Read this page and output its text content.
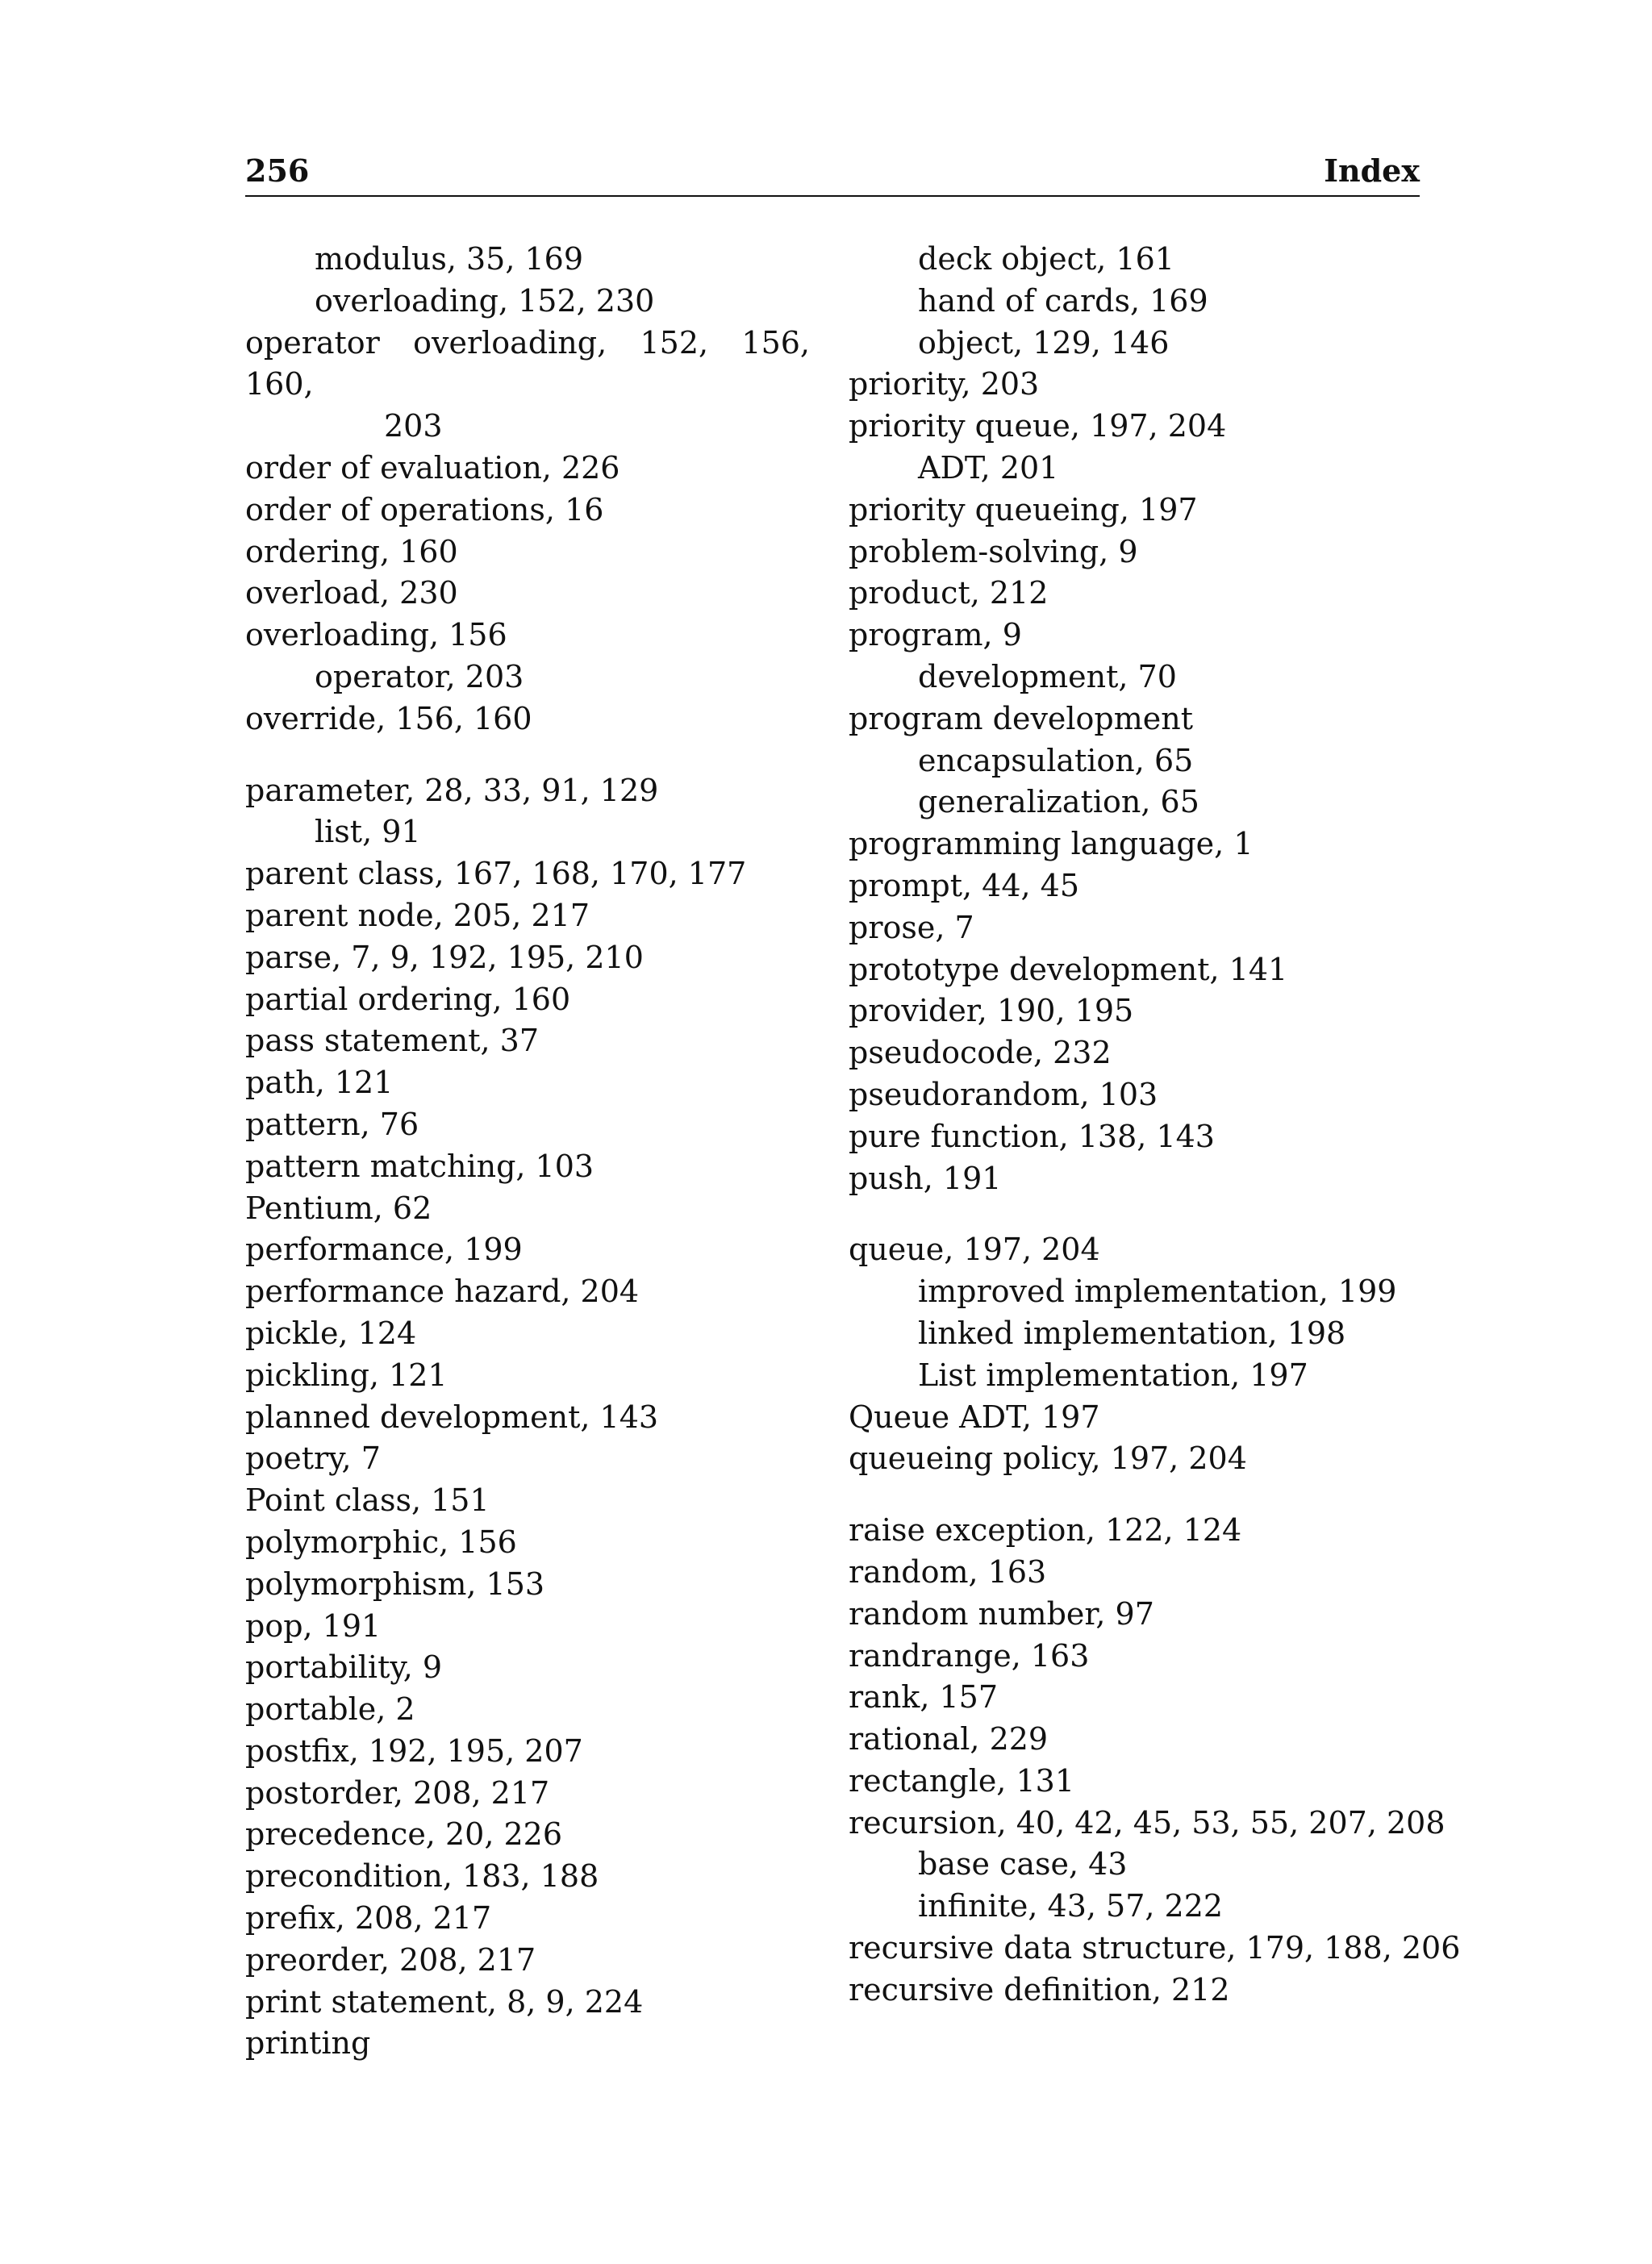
256	Index
modulus, 35, 169
overloading, 152, 230
operator overloading, 152, 156, 160,
203
order of evaluation, 226
order of operations, 16
ordering, 160
overload, 230
overloading, 156
operator, 203
override, 156, 160
parameter, 28, 33, 91, 129
list, 91
parent class, 167, 168, 170, 177
parent node, 205, 217
parse, 7, 9, 192, 195, 210
partial ordering, 160
pass statement, 37
path, 121
pattern, 76
pattern matching, 103
Pentium, 62
performance, 199
performance hazard, 204
pickle, 124
pickling, 121
planned development, 143
poetry, 7
Point class, 151
polymorphic, 156
polymorphism, 153
pop, 191
portability, 9
portable, 2
postfix, 192, 195, 207
postorder, 208, 217
precedence, 20, 226
precondition, 183, 188
prefix, 208, 217
preorder, 208, 217
print statement, 8, 9, 224
printing
deck object, 161
hand of cards, 169
object, 129, 146
priority, 203
priority queue, 197, 204
ADT, 201
priority queueing, 197
problem-solving, 9
product, 212
program, 9
development, 70
program development
encapsulation, 65
generalization, 65
programming language, 1
prompt, 44, 45
prose, 7
prototype development, 141
provider, 190, 195
pseudocode, 232
pseudorandom, 103
pure function, 138, 143
push, 191
queue, 197, 204
improved implementation, 199
linked implementation, 198
List implementation, 197
Queue ADT, 197
queueing policy, 197, 204
raise exception, 122, 124
random, 163
random number, 97
randrange, 163
rank, 157
rational, 229
rectangle, 131
recursion, 40, 42, 45, 53, 55, 207, 208
base case, 43
infinite, 43, 57, 222
recursive data structure, 179, 188, 206
recursive definition, 212
